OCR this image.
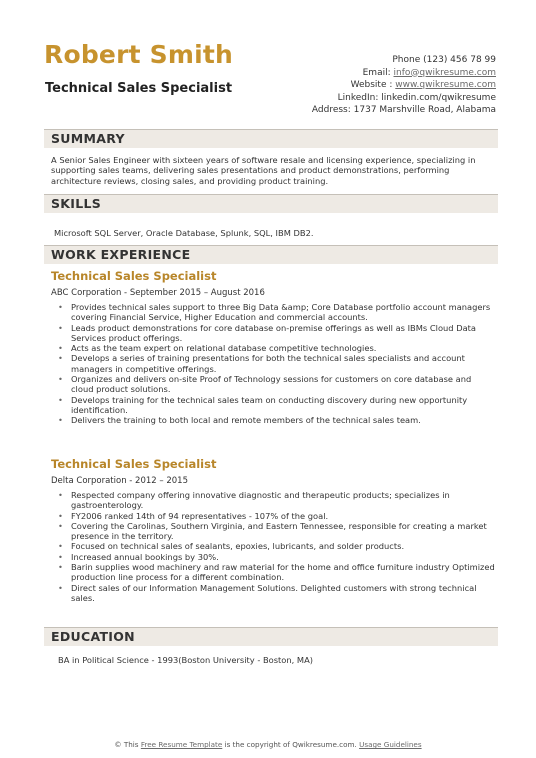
Robert Smith
Technical Sales Specialist
Phone (123) 456 78 99
Email: info@qwikresume.com
Website : www.qwikresume.com
LinkedIn: linkedin.com/qwikresume
Address: 1737 Marshville Road, Alabama
SUMMARY
A Senior Sales Engineer with sixteen years of software resale and licensing experience, specializing in supporting sales teams, delivering sales presentations and product demonstrations, performing architecture reviews, closing sales, and providing product training.
SKILLS
Microsoft SQL Server, Oracle Database, Splunk, SQL, IBM DB2.
WORK EXPERIENCE
Technical Sales Specialist
ABC Corporation - September 2015 – August 2016
• Provides technical sales support to three Big Data &amp; Core Database portfolio account managers covering Financial Service, Higher Education and commercial accounts.
• Leads product demonstrations for core database on-premise offerings as well as IBMs Cloud Data Services product offerings.
• Acts as the team expert on relational database competitive technologies.
• Develops a series of training presentations for both the technical sales specialists and account managers in competitive offerings.
• Organizes and delivers on-site Proof of Technology sessions for customers on core database and cloud product solutions.
• Develops training for the technical sales team on conducting discovery during new opportunity identification.
• Delivers the training to both local and remote members of the technical sales team.
Technical Sales Specialist
Delta Corporation - 2012 – 2015
• Respected company offering innovative diagnostic and therapeutic products; specializes in gastroenterology.
• FY2006 ranked 14th of 94 representatives - 107% of the goal.
• Covering the Carolinas, Southern Virginia, and Eastern Tennessee, responsible for creating a market presence in the territory.
• Focused on technical sales of sealants, epoxies, lubricants, and solder products.
• Increased annual bookings by 30%.
• Barin supplies wood machinery and raw material for the home and office furniture industry Optimized production line process for a different combination.
• Direct sales of our Information Management Solutions. Delighted customers with strong technical sales.
EDUCATION
BA in Political Science - 1993(Boston University - Boston, MA)
© This Free Resume Template is the copyright of Qwikresume.com. Usage Guidelines
